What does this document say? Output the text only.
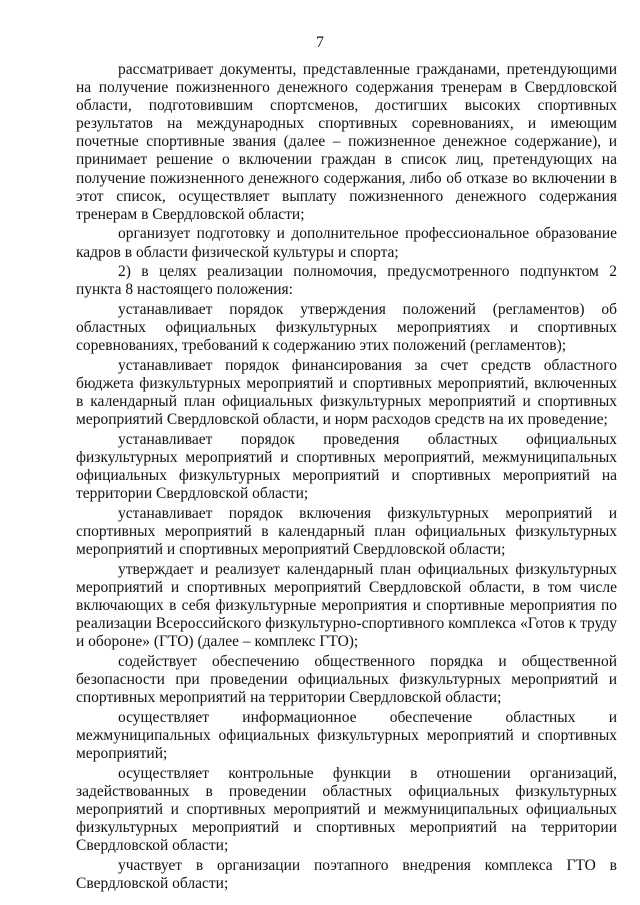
7

рассматривает документы, представленные гражданами, претендующими на получение пожизненного денежного содержания тренерам в Свердловской области, подготовившим спортсменов, достигших высоких спортивных результатов на международных спортивных соревнованиях, и имеющим почетные спортивные звания (далее – пожизненное денежное содержание), и принимает решение о включении граждан в список лиц, претендующих на получение пожизненного денежного содержания, либо об отказе во включении в этот список, осуществляет выплату пожизненного денежного содержания тренерам в Свердловской области;

организует подготовку и дополнительное профессиональное образование кадров в области физической культуры и спорта;

2) в целях реализации полномочия, предусмотренного подпунктом 2 пункта 8 настоящего положения:

устанавливает порядок утверждения положений (регламентов) об областных официальных физкультурных мероприятиях и спортивных соревнованиях, требований к содержанию этих положений (регламентов);

устанавливает порядок финансирования за счет средств областного бюджета физкультурных мероприятий и спортивных мероприятий, включенных в календарный план официальных физкультурных мероприятий и спортивных мероприятий Свердловской области, и норм расходов средств на их проведение;

устанавливает порядок проведения областных официальных физкультурных мероприятий и спортивных мероприятий, межмуниципальных официальных физкультурных мероприятий и спортивных мероприятий на территории Свердловской области;

устанавливает порядок включения физкультурных мероприятий и спортивных мероприятий в календарный план официальных физкультурных мероприятий и спортивных мероприятий Свердловской области;

утверждает и реализует календарный план официальных физкультурных мероприятий и спортивных мероприятий Свердловской области, в том числе включающих в себя физкультурные мероприятия и спортивные мероприятия по реализации Всероссийского физкультурно-спортивного комплекса «Готов к труду и обороне» (ГТО) (далее – комплекс ГТО);

содействует обеспечению общественного порядка и общественной безопасности при проведении официальных физкультурных мероприятий и спортивных мероприятий на территории Свердловской области;

осуществляет информационное обеспечение областных и межмуниципальных официальных физкультурных мероприятий и спортивных мероприятий;

осуществляет контрольные функции в отношении организаций, задействованных в проведении областных официальных физкультурных мероприятий и спортивных мероприятий и межмуниципальных официальных физкультурных мероприятий и спортивных мероприятий на территории Свердловской области;

участвует в организации поэтапного внедрения комплекса ГТО в Свердловской области;
